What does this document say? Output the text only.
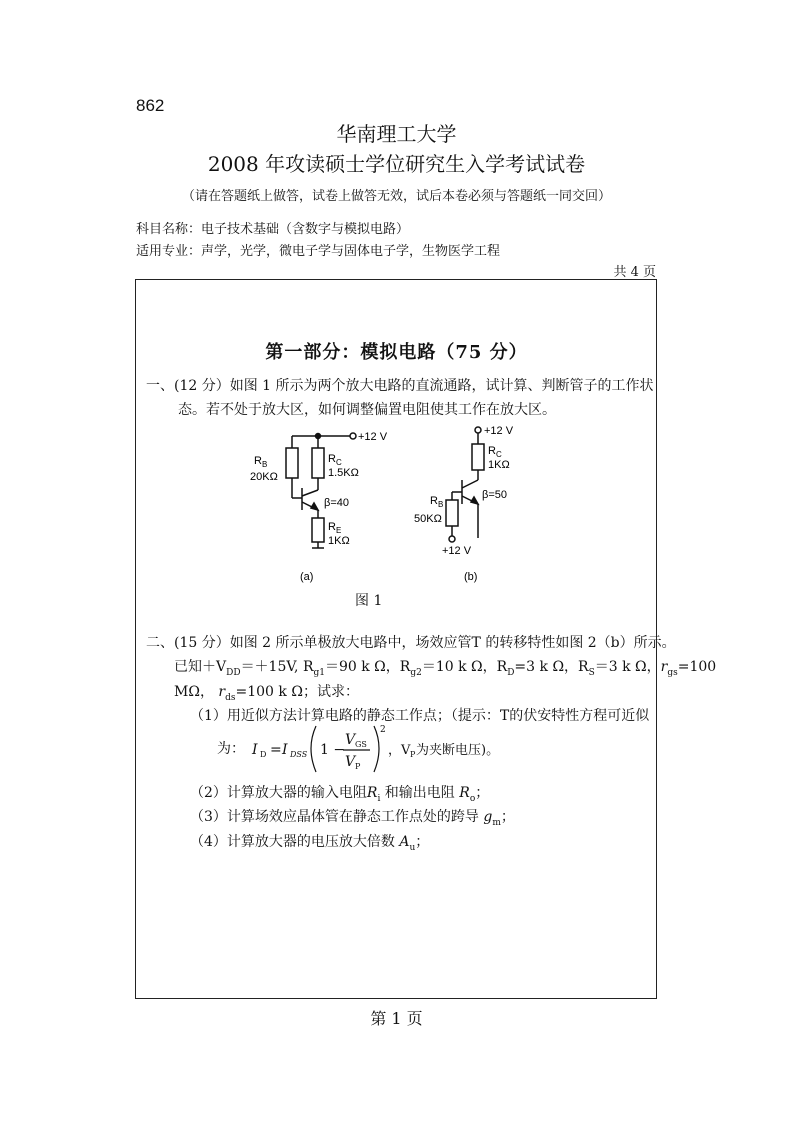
862
华南理工大学
2008 年攻读硕士学位研究生入学考试试卷
（请在答题纸上做答，试卷上做答无效，试后本卷必须与答题纸一同交回）
科目名称：电子技术基础（含数字与模拟电路）
适用专业：声学，光学，微电子学与固体电子学，生物医学工程
共 4 页
第一部分：模拟电路（75 分）
一、(12 分）如图 1 所示为两个放大电路的直流通路，试计算、判断管子的工作状
态。若不处于放大区，如何调整偏置电阻使其工作在放大区。
+12 V
$R_B$
20KΩ
$R_C$
1.5KΩ
β=40
$R_E$
1KΩ
(a)
+12 V
$R_C$
1KΩ
β=50
$R_B$
50KΩ
+12 V
(b)
图 1
二、(15 分）如图 2 所示单极放大电路中，场效应管T 的转移特性如图 2（b）所示。
已知$+V_{DD}=+15V$, $R_{g1}=90$ k Ω，$R_{g2}=10$ k Ω，$R_D=3$ k Ω，$R_S=3$ k Ω，$r_{gs}=100$
MΩ， $r_{ds}=100$ k Ω；试求：
（1）用近似方法计算电路的静态工作点；（提示：T的伏安特性方程可近似
为： I D = I DSS 1 −
V GS
V P
2
，V P 为夹断电压)。
（2）计算放大器的输入电阻$R_i$ 和输出电阻 $R_o$；
（3）计算场效应晶体管在静态工作点处的跨导 $g_m$；
（4）计算放大器的电压放大倍数 $A_u$；
第 1 页
